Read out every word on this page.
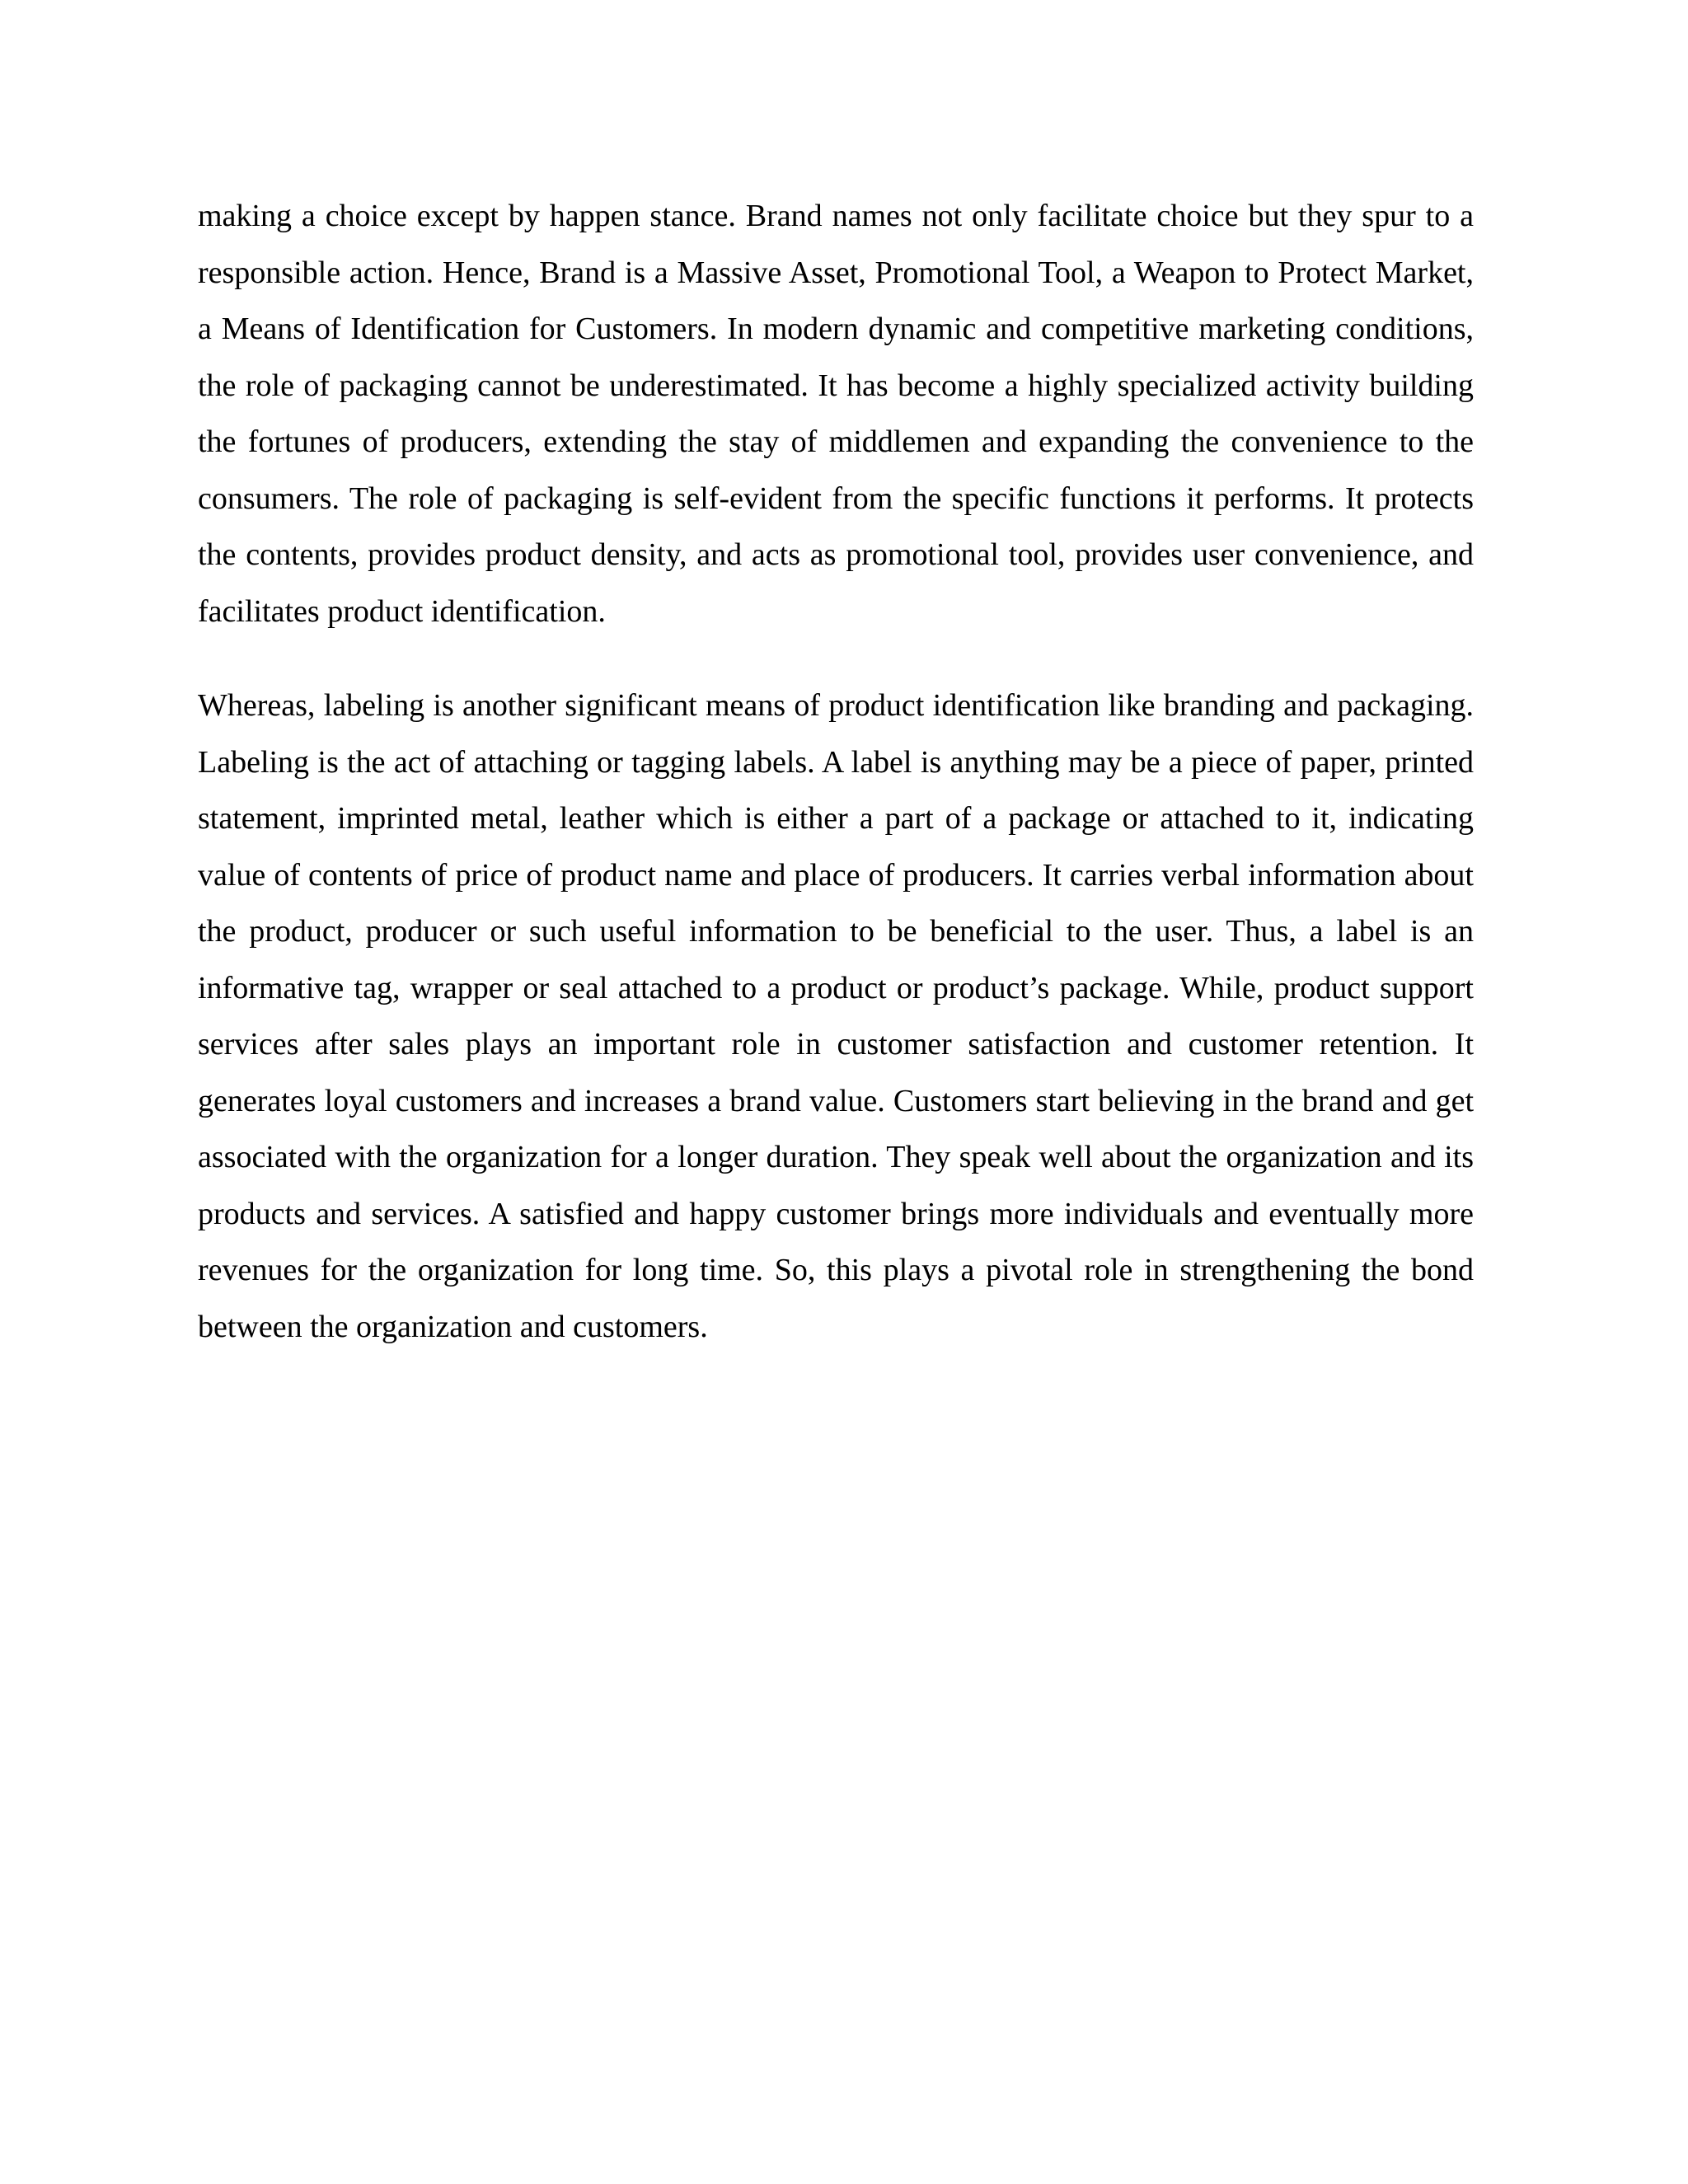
making a choice except by happen stance. Brand names not only facilitate choice but they spur to a responsible action. Hence, Brand is a Massive Asset, Promotional Tool, a Weapon to Protect Market, a Means of Identification for Customers. In modern dynamic and competitive marketing conditions, the role of packaging cannot be underestimated. It has become a highly specialized activity building the fortunes of producers, extending the stay of middlemen and expanding the convenience to the consumers. The role of packaging is self-evident from the specific functions it performs. It protects the contents, provides product density, and acts as promotional tool, provides user convenience, and facilitates product identification.

Whereas, labeling is another significant means of product identification like branding and packaging. Labeling is the act of attaching or tagging labels. A label is anything may be a piece of paper, printed statement, imprinted metal, leather which is either a part of a package or attached to it, indicating value of contents of price of product name and place of producers. It carries verbal information about the product, producer or such useful information to be beneficial to the user. Thus, a label is an informative tag, wrapper or seal attached to a product or product’s package. While, product support services after sales plays an important role in customer satisfaction and customer retention. It generates loyal customers and increases a brand value. Customers start believing in the brand and get associated with the organization for a longer duration. They speak well about the organization and its products and services. A satisfied and happy customer brings more individuals and eventually more revenues for the organization for long time. So, this plays a pivotal role in strengthening the bond between the organization and customers.
